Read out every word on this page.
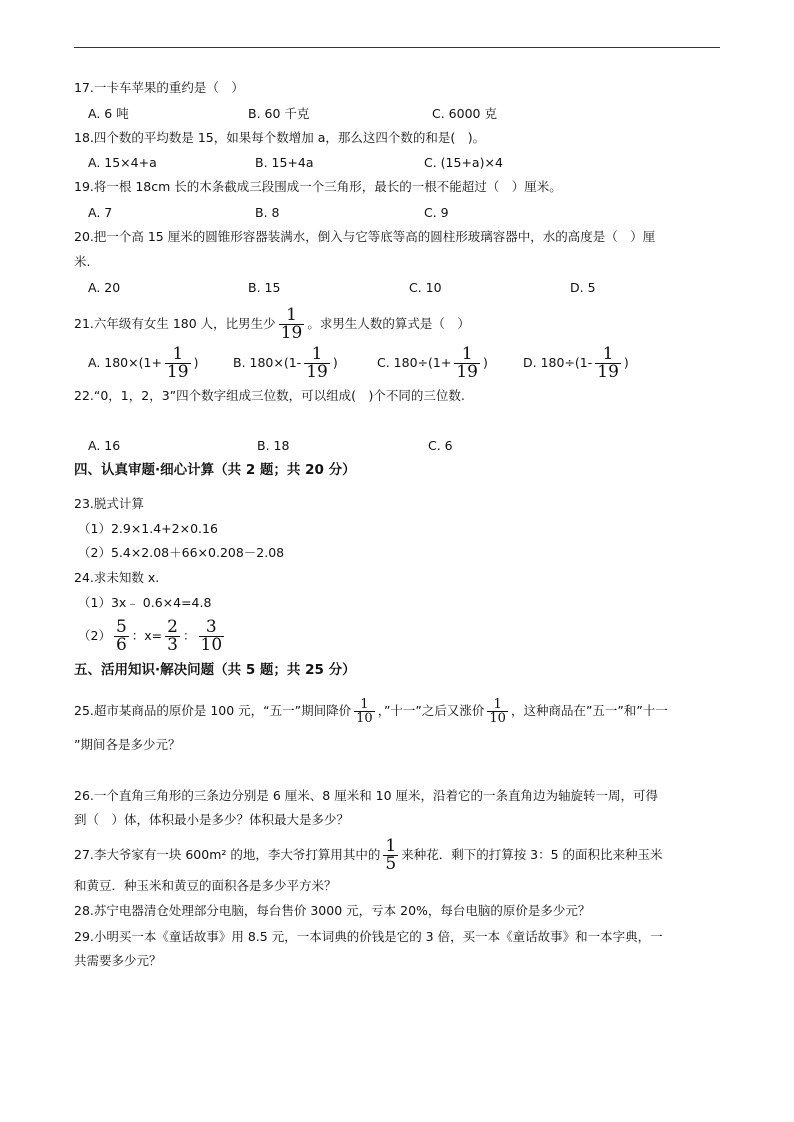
17.一卡车苹果的重约是（　）
A. 6 吨	B. 60 千克	C. 6000 克
18.四个数的平均数是 15，如果每个数增加 a，那么这四个数的和是(　)。
A. 15×4+a	B. 15+4a	C. (15+a)×4
19.将一根 18cm 长的木条截成三段围成一个三角形，最长的一根不能超过（　）厘米。
A. 7	B. 8	C. 9
20.把一个高 15 厘米的圆锥形容器装满水，倒入与它等底等高的圆柱形玻璃容器中，水的高度是（　）厘
米.
A. 20	B. 15	C. 10	D. 5
21.六年级有女生 180 人，比男生少 $\frac{1}{19}$ 。求男生人数的算式是（　）
A. $180\times(1+ \frac{1}{19}$ )	B. $180\times(1- \frac{1}{19}$ )	C. $180\div(1+ \frac{1}{19}$ )	D. $180\div(1- \frac{1}{19}$ )
22.“0，1，2，3”四个数字组成三位数，可以组成(　)个不同的三位数.
A. 16	B. 18	C. 6
四、认真审题·细心计算（共 2 题；共 20 分）
23.脱式计算
（1）2.9×1.4+2×0.16
（2）5.4×2.08＋66×0.208－2.08
24.求未知数 x.
（1）3x﹣ 0.6×4=4.8
$(2) \frac{5}{6}$ ：$x= \frac{2}{3}$ ： $\frac{3}{10}$
五、活用知识·解决问题（共 5 题；共 25 分）
25.超市某商品的原价是 100 元，“五一”期间降价 $\frac{1}{10}$ ，”十一”之后又涨价 $\frac{1}{10}$ ，这种商品在”五一”和”十一
”期间各是多少元？
26.一个直角三角形的三条边分别是 6 厘米、8 厘米和 10 厘米，沿着它的一条直角边为轴旋转一周，可得
到（　）体，体积最小是多少？体积最大是多少？
27.李大爷家有一块 600m² 的地，李大爷打算用其中的 $\frac{1}{5}$ 来种花．剩下的打算按 3：5 的面积比来种玉米
和黄豆．种玉米和黄豆的面积各是多少平方米？
28.苏宁电器清仓处理部分电脑，每台售价 3000 元，亏本 20%，每台电脑的原价是多少元？
29.小明买一本《童话故事》用 8.5 元，一本词典的价钱是它的 3 倍，买一本《童话故事》和一本字典，一
共需要多少元？
